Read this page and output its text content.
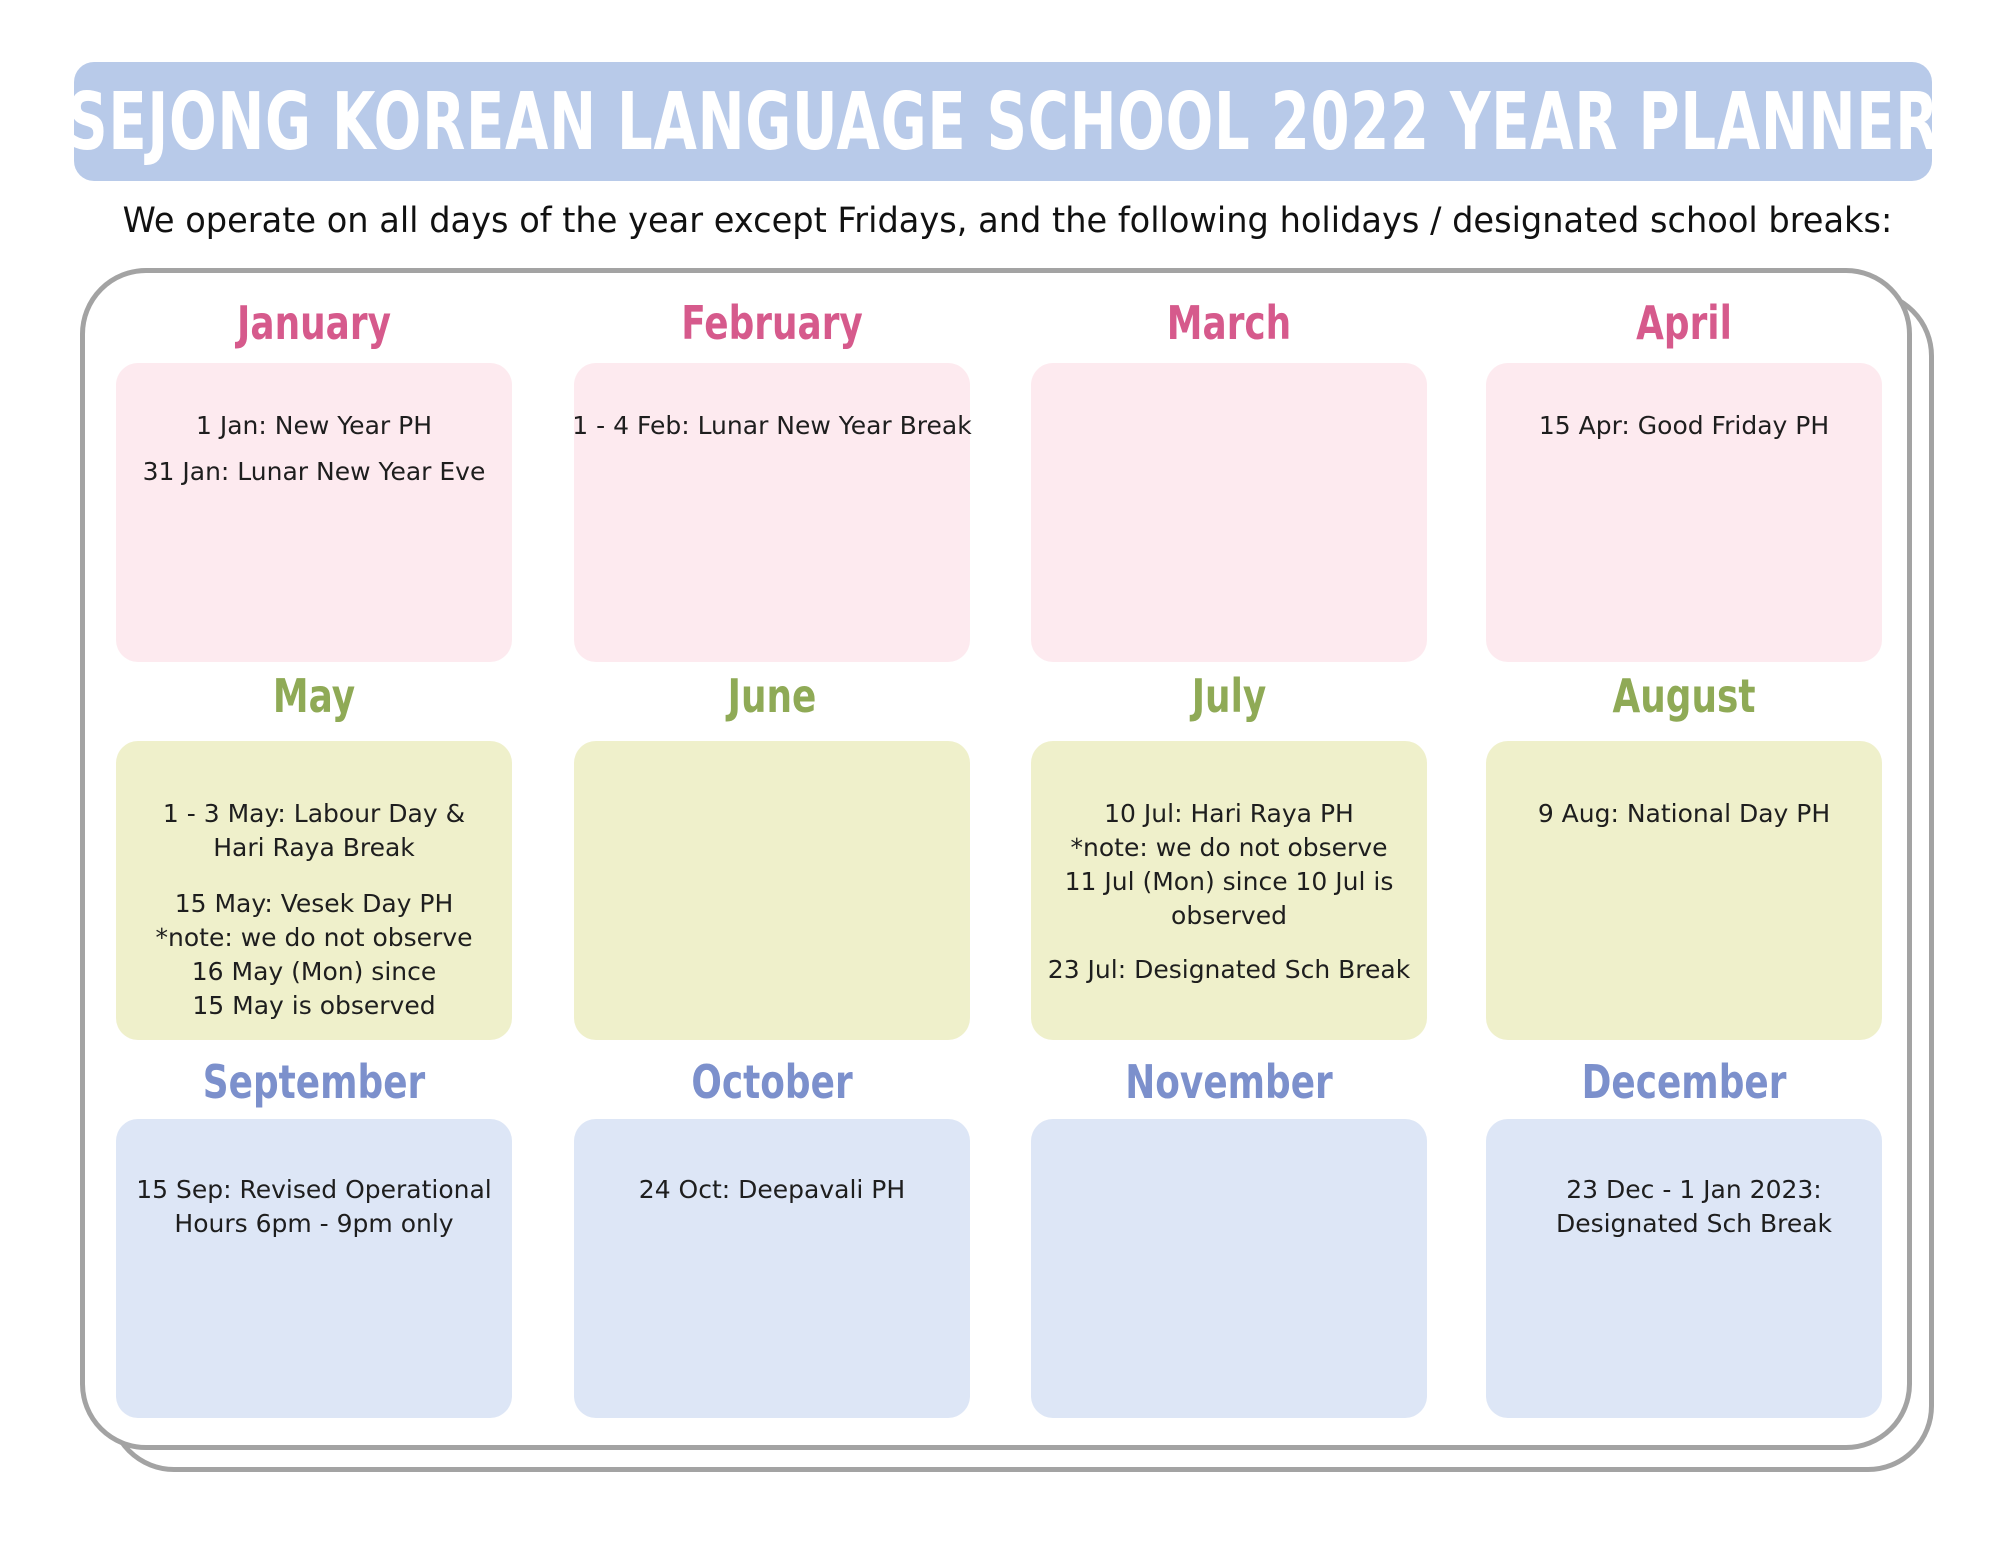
SEJONG KOREAN LANGUAGE SCHOOL 2022 YEAR PLANNER
We operate on all days of the year except Fridays, and the following holidays / designated school breaks:
January
1 Jan: New Year PH
31 Jan: Lunar New Year Eve
February
1 - 4 Feb: Lunar New Year Break
March	April
15 Apr: Good Friday PH
May
1 - 3 May: Labour Day &
Hari Raya Break
15 May: Vesek Day PH
*note: we do not observe
16 May (Mon) since
15 May is observed
June	July
10 Jul: Hari Raya PH
*note: we do not observe
11 Jul (Mon) since 10 Jul is observed
23 Jul: Designated Sch Break
August
9 Aug: National Day PH
September
15 Sep: Revised Operational
Hours 6pm - 9pm only
October
24 Oct: Deepavali PH
November	December
23 Dec - 1 Jan 2023:
Designated Sch Break
